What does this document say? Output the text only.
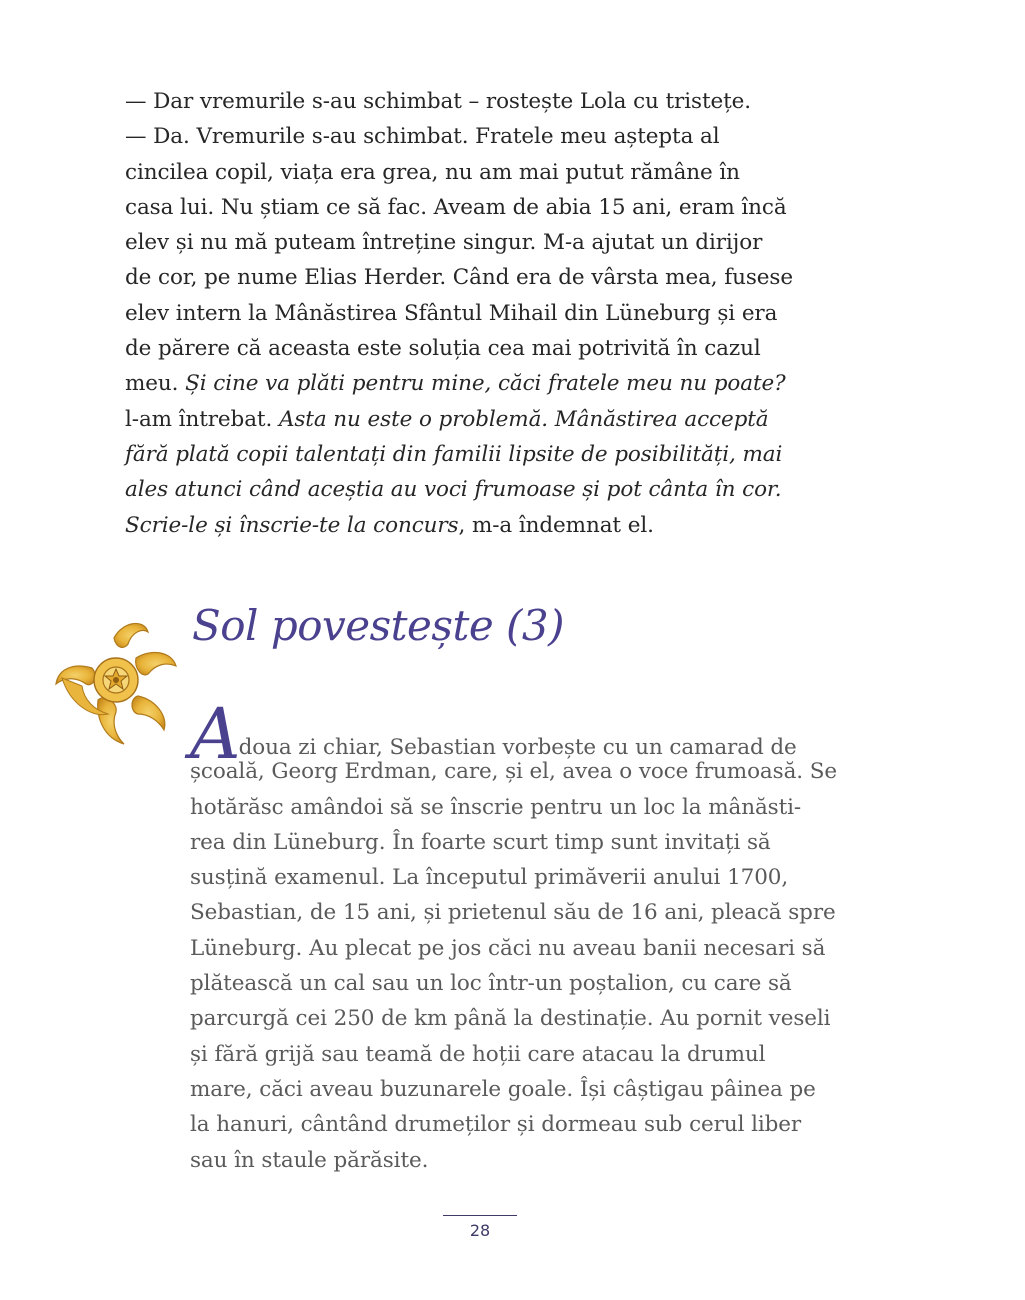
— Dar vremurile s-au schimbat – rostește Lola cu tristețe.
— Da. Vremurile s-au schimbat. Fratele meu aștepta al
cincilea copil, viața era grea, nu am mai putut rămâne în
casa lui. Nu știam ce să fac. Aveam de abia 15 ani, eram încă
elev și nu mă puteam întreține singur. M-a ajutat un dirijor
de cor, pe nume Elias Herder. Când era de vârsta mea, fusese
elev intern la Mânăstirea Sfântul Mihail din Lüneburg și era
de părere că aceasta este soluția cea mai potrivită în cazul
meu. Și cine va plăti pentru mine, căci fratele meu nu poate?
l-am întrebat. Asta nu este o problemă. Mânăstirea acceptă
fără plată copii talentați din familii lipsite de posibilități, mai
ales atunci când aceștia au voci frumoase și pot cânta în cor.
Scrie-le și înscrie-te la concurs, m-a îndemnat el.
Sol povestește (3)
Adoua zi chiar, Sebastian vorbește cu un camarad de
școală, Georg Erdman, care, și el, avea o voce frumoasă. Se
hotărăsc amândoi să se înscrie pentru un loc la mânăsti-
rea din Lüneburg. În foarte scurt timp sunt invitați să
susțină examenul. La începutul primăverii anului 1700,
Sebastian, de 15 ani, și prietenul său de 16 ani, pleacă spre
Lüneburg. Au plecat pe jos căci nu aveau banii necesari să
plătească un cal sau un loc într-un poștalion, cu care să
parcurgă cei 250 de km până la destinație. Au pornit veseli
și fără grijă sau teamă de hoții care atacau la drumul
mare, căci aveau buzunarele goale. Își câștigau pâinea pe
la hanuri, cântând drumeților și dormeau sub cerul liber
sau în staule părăsite.
28
